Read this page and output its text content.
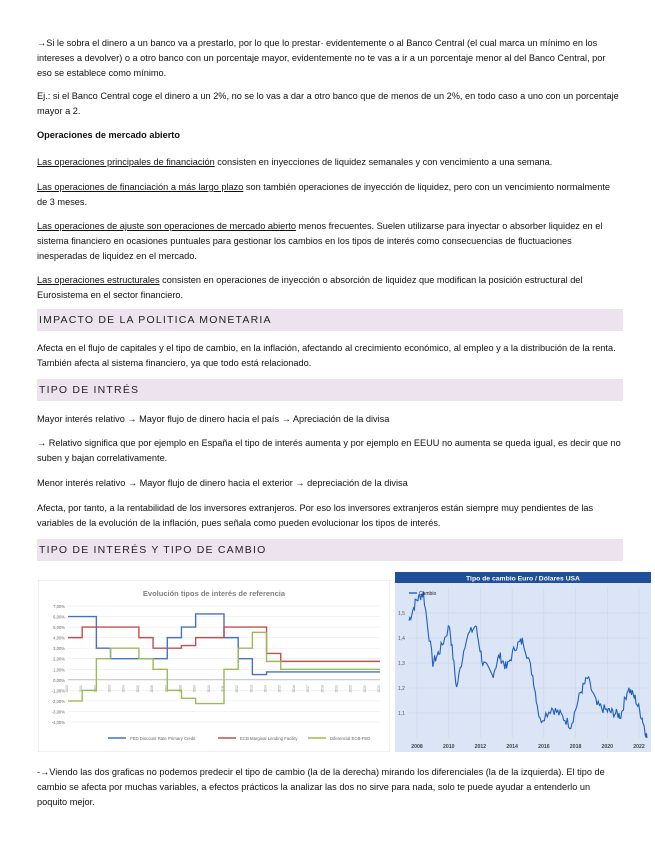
→Si le sobra el dinero a un banco va a prestarlo, por lo que lo prestar· evidentemente o al Banco Central (el cual marca un mínimo en los intereses a devolver) o a otro banco con un porcentaje mayor, evidentemente no te vas a ir a un porcentaje menor al del Banco Central, por eso se establece como mínimo.

Ej.: si el Banco Central coge el dinero a un 2%, no se lo vas a dar a otro banco que de menos de un 2%, en todo caso a uno con un porcentaje mayor a 2.

Operaciones de mercado abierto

Las operaciones principales de financiación consisten en inyecciones de liquidez semanales y con vencimiento a una semana.

Las operaciones de financiación a más largo plazo son también operaciones de inyección de liquidez, pero con un vencimiento normalmente de 3 meses.

Las operaciones de ajuste son operaciones de mercado abierto menos frecuentes. Suelen utilizarse para inyectar o absorber liquidez en el sistema financiero en ocasiones puntuales para gestionar los cambios en los tipos de interés como consecuencias de fluctuaciones inesperadas de liquidez en el mercado.

Las operaciones estructurales consisten en operaciones de inyección o absorción de liquidez que modifican la posición estructural del Eurosistema en el sector financiero.

IMPACTO DE LA POLITICA MONETARIA

Afecta en el flujo de capitales y el tipo de cambio, en la inflación, afectando al crecimiento económico, al empleo y a la distribución de la renta. También afecta al sistema financiero, ya que todo está relacionado.

TIPO DE INTRÉS

Mayor interés relativo → Mayor flujo de dinero hacia el país → Apreciación de la divisa

→ Relativo significa que por ejemplo en España el tipo de interés aumenta y por ejemplo en EEUU no aumenta se queda igual, es decir que no suben y bajan correlativamente.

Menor interés relativo → Mayor flujo de dinero hacia el exterior → depreciación de la divisa

Afecta, por tanto, a la rentabilidad de los inversores extranjeros. Por eso los inversores extranjeros están siempre muy pendientes de las variables de la evolución de la inflación, pues señala como pueden evolucionar los tipos de interés.

TIPO DE INTERÉS Y TIPO DE CAMBIO

-→Viendo las dos graficas no podemos predecir el tipo de cambio (la de la derecha) mirando los diferenciales (la de la izquierda). El tipo de cambio se afecta por muchas variables, a efectos prácticos la analizar las dos no sirve para nada, solo te puede ayudar a entenderlo un poquito mejor.

Evolución tipos de interés de referencia
2000	2001	2002	2003	2004	2005	2006	2007	2008	2009	2010	2011	2012	2013	2014	2015	2016	2017	2018	2019	2020	2021	2022
7,00%
6,00%
5,00%
4,00%
3,00%
2,00%
1,00%
0,00%
-1,00%
-2,00%
-3,00%
-4,00%
FED Discount Rate Primary Credit	ECB Marginal Lending Facility	Diferencial ECB-FED
Tipo de cambio Euro / Dólares USA
1,5
1,4
1,3
1,2
1,1
2008	2010	2012	2014	2016	2018	2020	2022
Cambio
